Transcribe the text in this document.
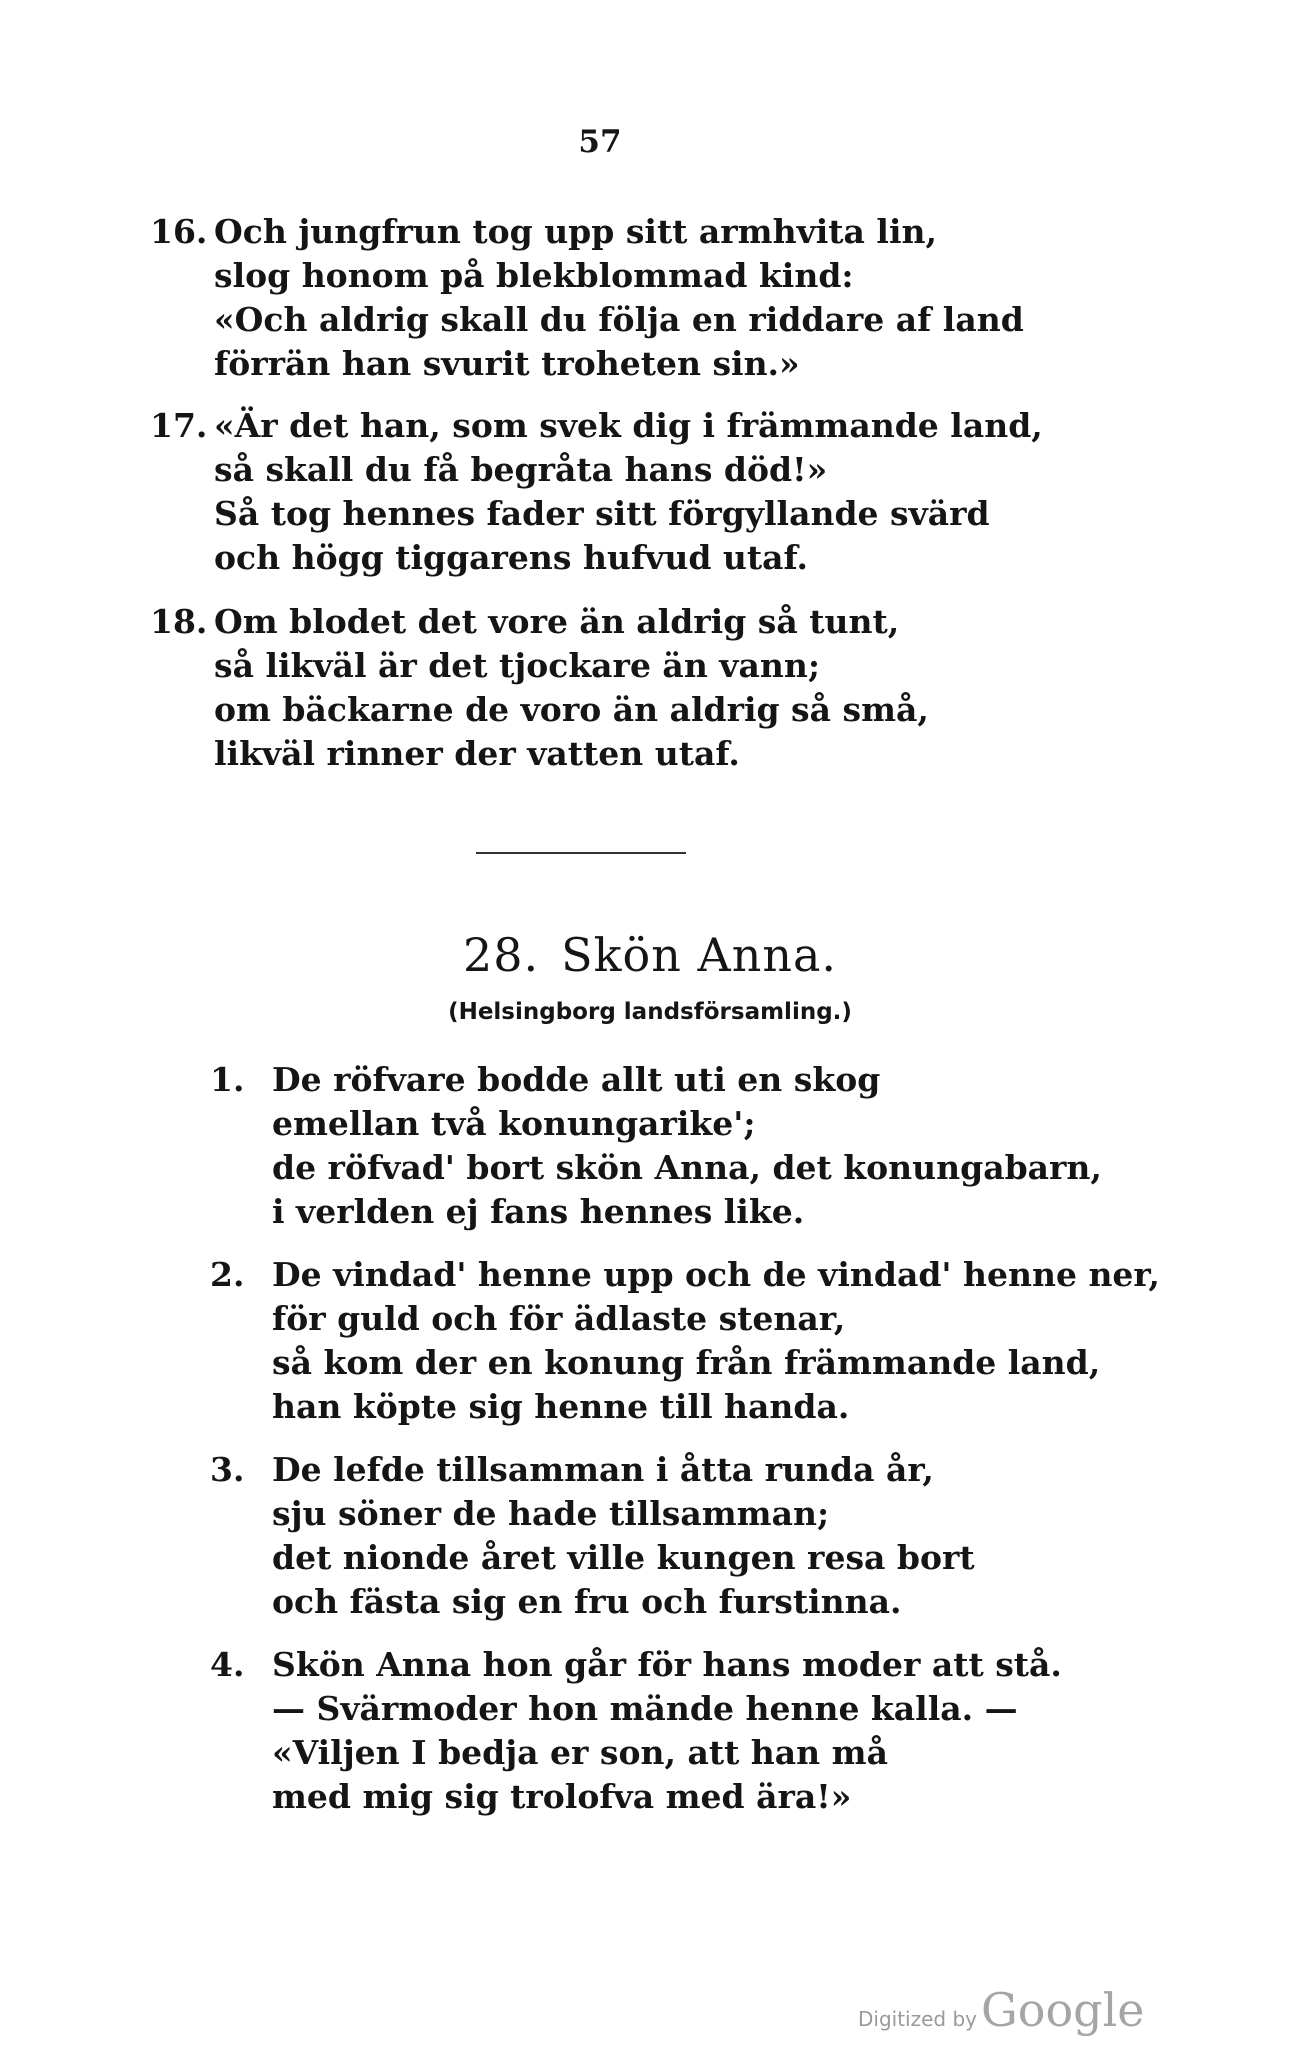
57
16. Och jungfrun tog upp sitt armhvita lin,
slog honom på blekblommad kind:
«Och aldrig skall du följa en riddare af land
förrän han svurit troheten sin.»
17. «Är det han, som svek dig i främmande land,
så skall du få begråta hans död!»
Så tog hennes fader sitt förgyllande svärd
och högg tiggarens hufvud utaf.
18. Om blodet det vore än aldrig så tunt,
så likväl är det tjockare än vann;
om bäckarne de voro än aldrig så små,
likväl rinner der vatten utaf.
28. Skön Anna.
(Helsingborg landsförsamling.)
1. De röfvare bodde allt uti en skog
emellan två konungarike';
de röfvad' bort skön Anna, det konungabarn,
i verlden ej fans hennes like.
2. De vindad' henne upp och de vindad' henne ner,
för guld och för ädlaste stenar,
så kom der en konung från främmande land,
han köpte sig henne till handa.
3. De lefde tillsamman i åtta runda år,
sju söner de hade tillsamman;
det nionde året ville kungen resa bort
och fästa sig en fru och furstinna.
4. Skön Anna hon går för hans moder att stå.
— Svärmoder hon mände henne kalla. —
«Viljen I bedja er son, att han må
med mig sig trolofva med ära!»
Digitized by Google
